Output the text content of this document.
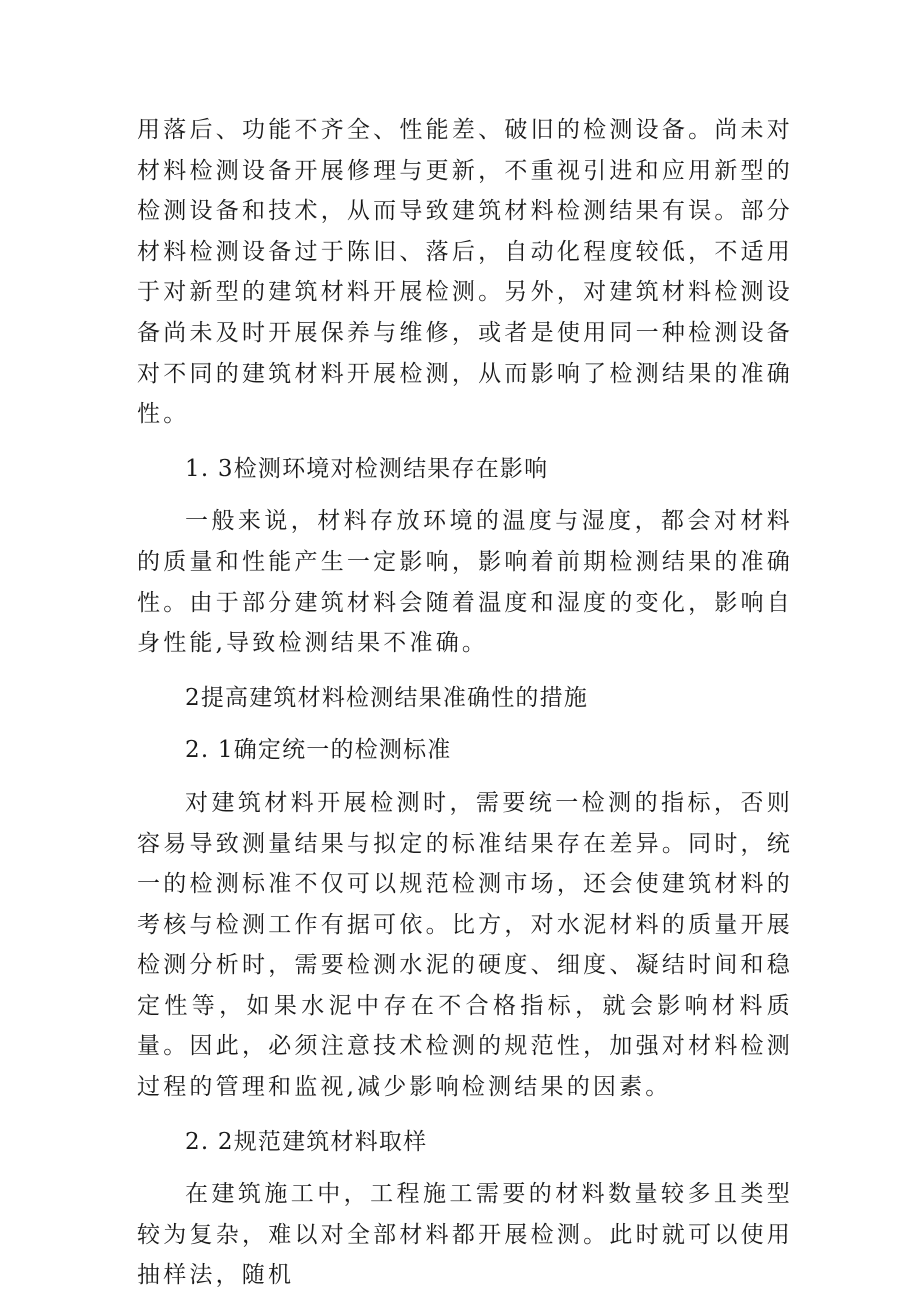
用落后、功能不齐全、性能差、破旧的检测设备。尚未对材料检测设备开展修理与更新，不重视引进和应用新型的检测设备和技术，从而导致建筑材料检测结果有误。部分材料检测设备过于陈旧、落后，自动化程度较低，不适用于对新型的建筑材料开展检测。另外，对建筑材料检测设备尚未及时开展保养与维修，或者是使用同一种检测设备对不同的建筑材料开展检测，从而影响了检测结果的准确性。

1. 3检测环境对检测结果存在影响

一般来说，材料存放环境的温度与湿度，都会对材料的质量和性能产生一定影响，影响着前期检测结果的准确性。由于部分建筑材料会随着温度和湿度的变化，影响自身性能,导致检测结果不准确。

2提高建筑材料检测结果准确性的措施

2. 1确定统一的检测标准

对建筑材料开展检测时，需要统一检测的指标，否则容易导致测量结果与拟定的标准结果存在差异。同时，统一的检测标准不仅可以规范检测市场，还会使建筑材料的考核与检测工作有据可依。比方，对水泥材料的质量开展检测分析时，需要检测水泥的硬度、细度、凝结时间和稳定性等，如果水泥中存在不合格指标，就会影响材料质量。因此，必须注意技术检测的规范性，加强对材料检测过程的管理和监视,减少影响检测结果的因素。

2. 2规范建筑材料取样

在建筑施工中，工程施工需要的材料数量较多且类型较为复杂，难以对全部材料都开展检测。此时就可以使用抽样法，随机
